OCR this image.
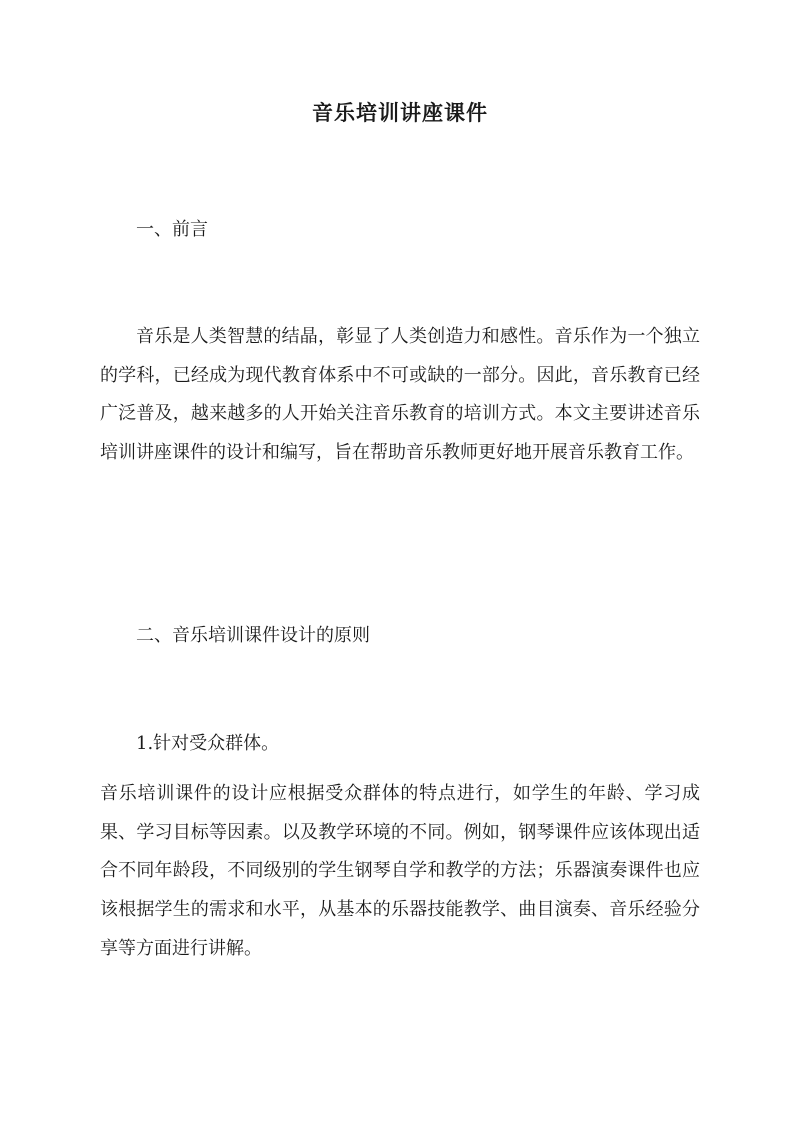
音乐培训讲座课件
一、前言

音乐是人类智慧的结晶，彰显了人类创造力和感性。音乐作为一个独立的学科，已经成为现代教育体系中不可或缺的一部分。因此，音乐教育已经广泛普及，越来越多的人开始关注音乐教育的培训方式。本文主要讲述音乐培训讲座课件的设计和编写，旨在帮助音乐教师更好地开展音乐教育工作。

二、音乐培训课件设计的原则
1.针对受众群体。

音乐培训课件的设计应根据受众群体的特点进行，如学生的年龄、学习成果、学习目标等因素。以及教学环境的不同。例如，钢琴课件应该体现出适合不同年龄段，不同级别的学生钢琴自学和教学的方法；乐器演奏课件也应该根据学生的需求和水平，从基本的乐器技能教学、曲目演奏、音乐经验分享等方面进行讲解。
